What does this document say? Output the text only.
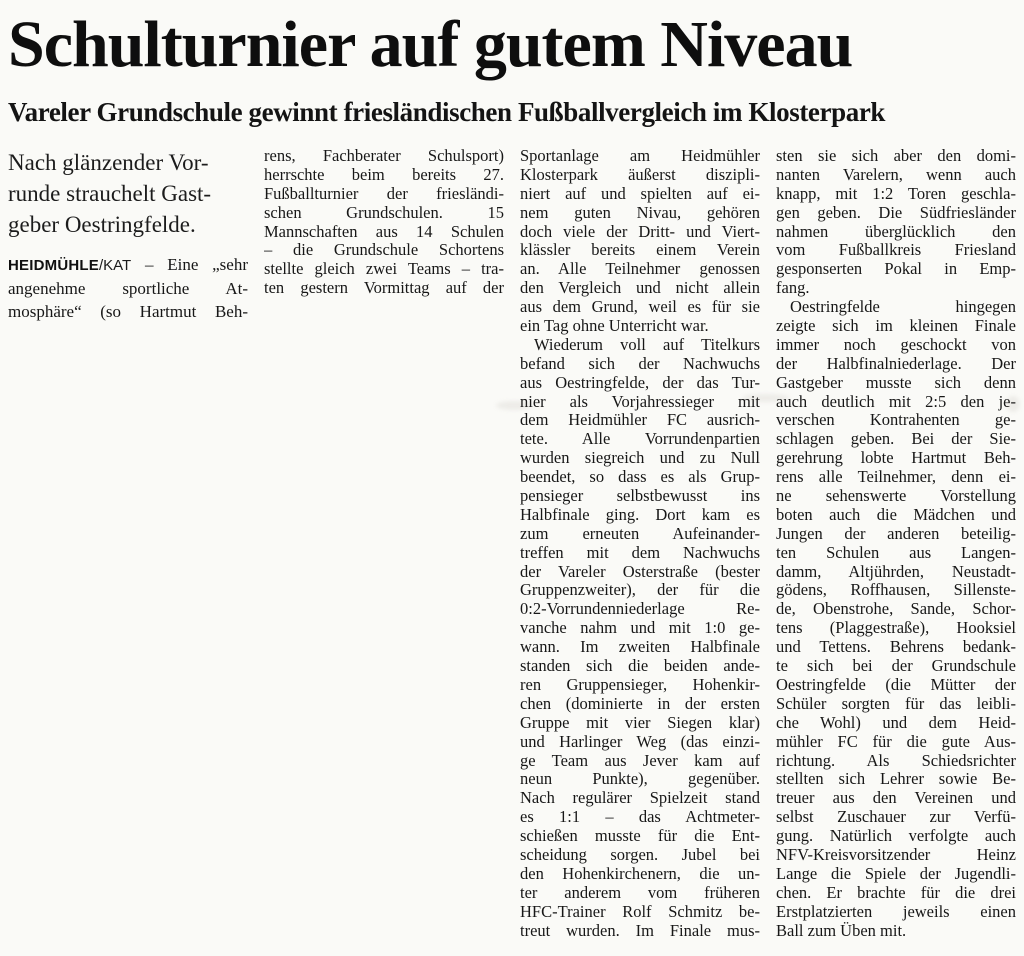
Schulturnier auf gutem Niveau
Vareler Grundschule gewinnt friesländischen Fußballvergleich im Klosterpark
Nach glänzender Vor-
runde strauchelt Gast-
geber Oestringfelde.
HEIDMÜHLE/KAT – Eine „sehr
angenehme sportliche At-
mosphäre“ (so Hartmut Beh-
rens, Fachberater Schulsport)
herrschte beim bereits 27.
Fußballturnier der friesländi-
schen Grundschulen. 15
Mannschaften aus 14 Schulen
– die Grundschule Schortens
stellte gleich zwei Teams – tra-
ten gestern Vormittag auf der
Sportanlage am Heidmühler
Klosterpark äußerst diszipli-
niert auf und spielten auf ei-
nem guten Nivau, gehören
doch viele der Dritt- und Viert-
klässler bereits einem Verein
an. Alle Teilnehmer genossen
den Vergleich und nicht allein
aus dem Grund, weil es für sie
ein Tag ohne Unterricht war.
Wiederum voll auf Titelkurs
befand sich der Nachwuchs
aus Oestringfelde, der das Tur-
nier als Vorjahressieger mit
dem Heidmühler FC ausrich-
tete. Alle Vorrundenpartien
wurden siegreich und zu Null
beendet, so dass es als Grup-
pensieger selbstbewusst ins
Halbfinale ging. Dort kam es
zum erneuten Aufeinander-
treffen mit dem Nachwuchs
der Vareler Osterstraße (bester
Gruppenzweiter), der für die
0:2-Vorrundenniederlage Re-
vanche nahm und mit 1:0 ge-
wann. Im zweiten Halbfinale
standen sich die beiden ande-
ren Gruppensieger, Hohenkir-
chen (dominierte in der ersten
Gruppe mit vier Siegen klar)
und Harlinger Weg (das einzi-
ge Team aus Jever kam auf
neun Punkte), gegenüber.
Nach regulärer Spielzeit stand
es 1:1 – das Achtmeter-
schießen musste für die Ent-
scheidung sorgen. Jubel bei
den Hohenkirchenern, die un-
ter anderem vom früheren
HFC-Trainer Rolf Schmitz be-
treut wurden. Im Finale mus-
sten sie sich aber den domi-
nanten Varelern, wenn auch
knapp, mit 1:2 Toren geschla-
gen geben. Die Südfriesländer
nahmen überglücklich den
vom Fußballkreis Friesland
gesponserten Pokal in Emp-
fang.
Oestringfelde hingegen
zeigte sich im kleinen Finale
immer noch geschockt von
der Halbfinalniederlage. Der
Gastgeber musste sich denn
auch deutlich mit 2:5 den je-
verschen Kontrahenten ge-
schlagen geben. Bei der Sie-
gerehrung lobte Hartmut Beh-
rens alle Teilnehmer, denn ei-
ne sehenswerte Vorstellung
boten auch die Mädchen und
Jungen der anderen beteilig-
ten Schulen aus Langen-
damm, Altjührden, Neustadt-
gödens, Roffhausen, Sillenste-
de, Obenstrohe, Sande, Schor-
tens (Plaggestraße), Hooksiel
und Tettens. Behrens bedank-
te sich bei der Grundschule
Oestringfelde (die Mütter der
Schüler sorgten für das leibli-
che Wohl) und dem Heid-
mühler FC für die gute Aus-
richtung. Als Schiedsrichter
stellten sich Lehrer sowie Be-
treuer aus den Vereinen und
selbst Zuschauer zur Verfü-
gung. Natürlich verfolgte auch
NFV-Kreisvorsitzender Heinz
Lange die Spiele der Jugendli-
chen. Er brachte für die drei
Erstplatzierten jeweils einen
Ball zum Üben mit.
